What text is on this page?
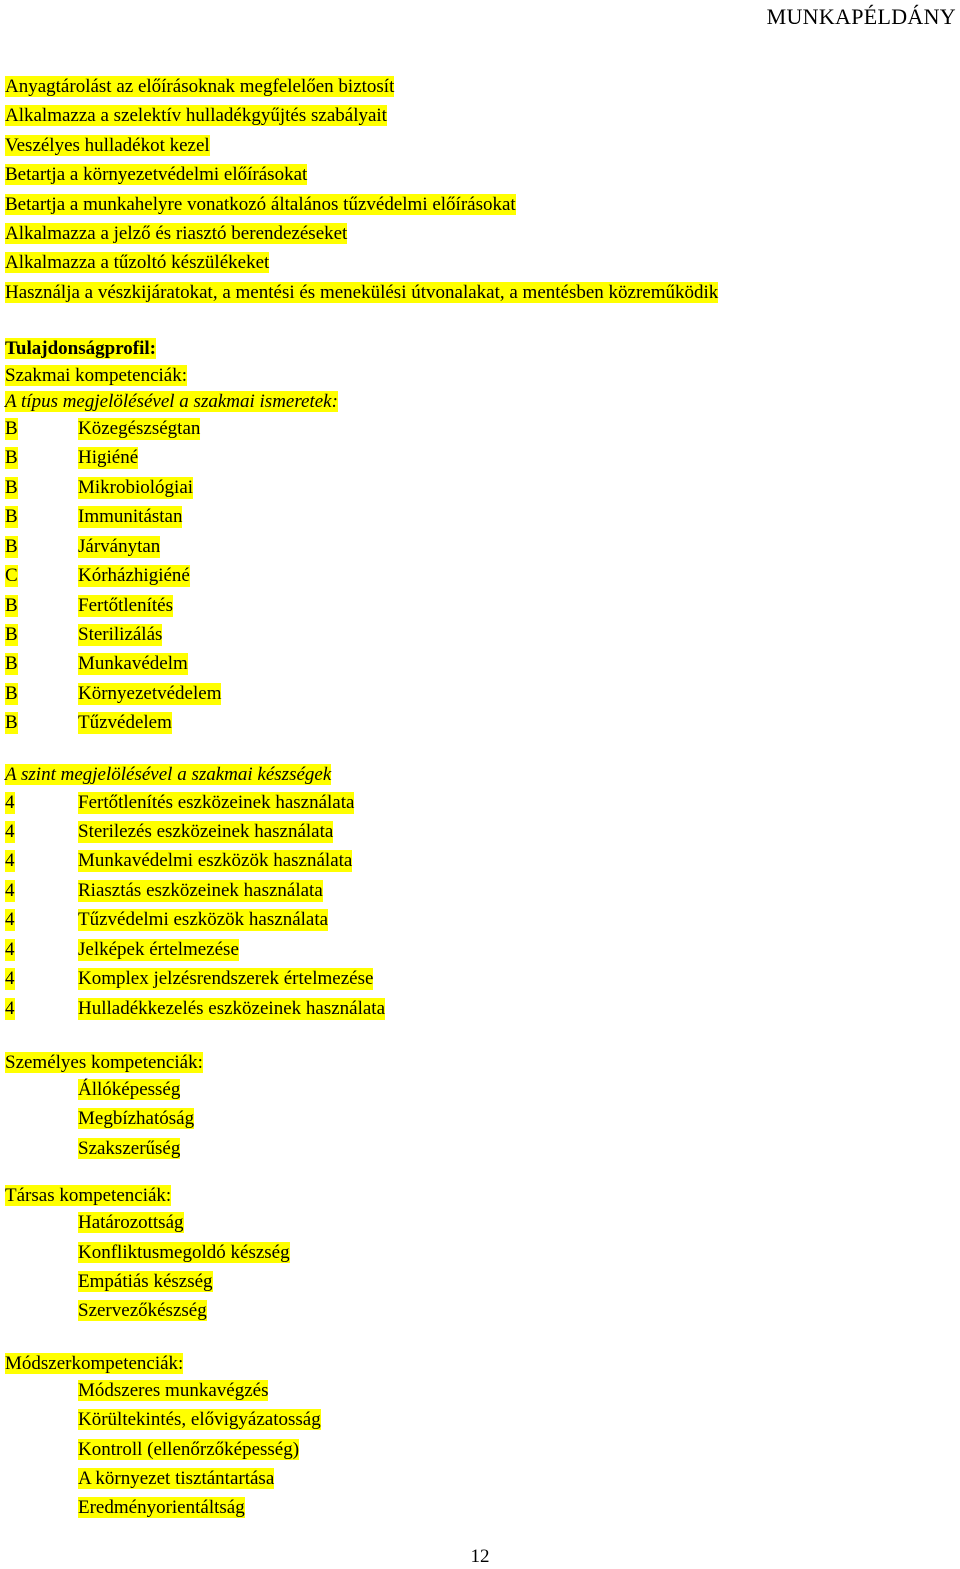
MUNKAPÉLDÁNY
Anyagtárolást az előírásoknak megfelelően biztosít
Alkalmazza a szelektív hulladékgyűjtés szabályait
Veszélyes hulladékot kezel
Betartja a környezetvédelmi előírásokat
Betartja a munkahelyre vonatkozó általános tűzvédelmi előírásokat
Alkalmazza a jelző és riasztó berendezéseket
Alkalmazza a tűzoltó készülékeket
Használja a vészkijáratokat, a mentési és menekülési útvonalakat, a mentésben közreműködik
Tulajdonságprofil:
Szakmai kompetenciák:
A típus megjelölésével a szakmai ismeretek:
B	Közegészségtan
B	Higiéné
B	Mikrobiológiai
B	Immunitástan
B	Járványtan
C	Kórházhigiéné
B	Fertőtlenítés
B	Sterilizálás
B	Munkavédelm
B	Környezetvédelem
B	Tűzvédelem
A szint megjelölésével a szakmai készségek
4	Fertőtlenítés eszközeinek használata
4	Sterilezés eszközeinek használata
4	Munkavédelmi eszközök használata
4	Riasztás eszközeinek használata
4	Tűzvédelmi eszközök használata
4	Jelképek értelmezése
4	Komplex jelzésrendszerek értelmezése
4	Hulladékkezelés eszközeinek használata
Személyes kompetenciák:
Állóképesség
Megbízhatóság
Szakszerűség
Társas kompetenciák:
Határozottság
Konfliktusmegoldó készség
Empátiás készség
Szervezőkészség
Módszerkompetenciák:
Módszeres munkavégzés
Körültekintés, elővigyázatosság
Kontroll (ellenőrzőképesség)
A környezet tisztántartása
Eredményorientáltság
12
